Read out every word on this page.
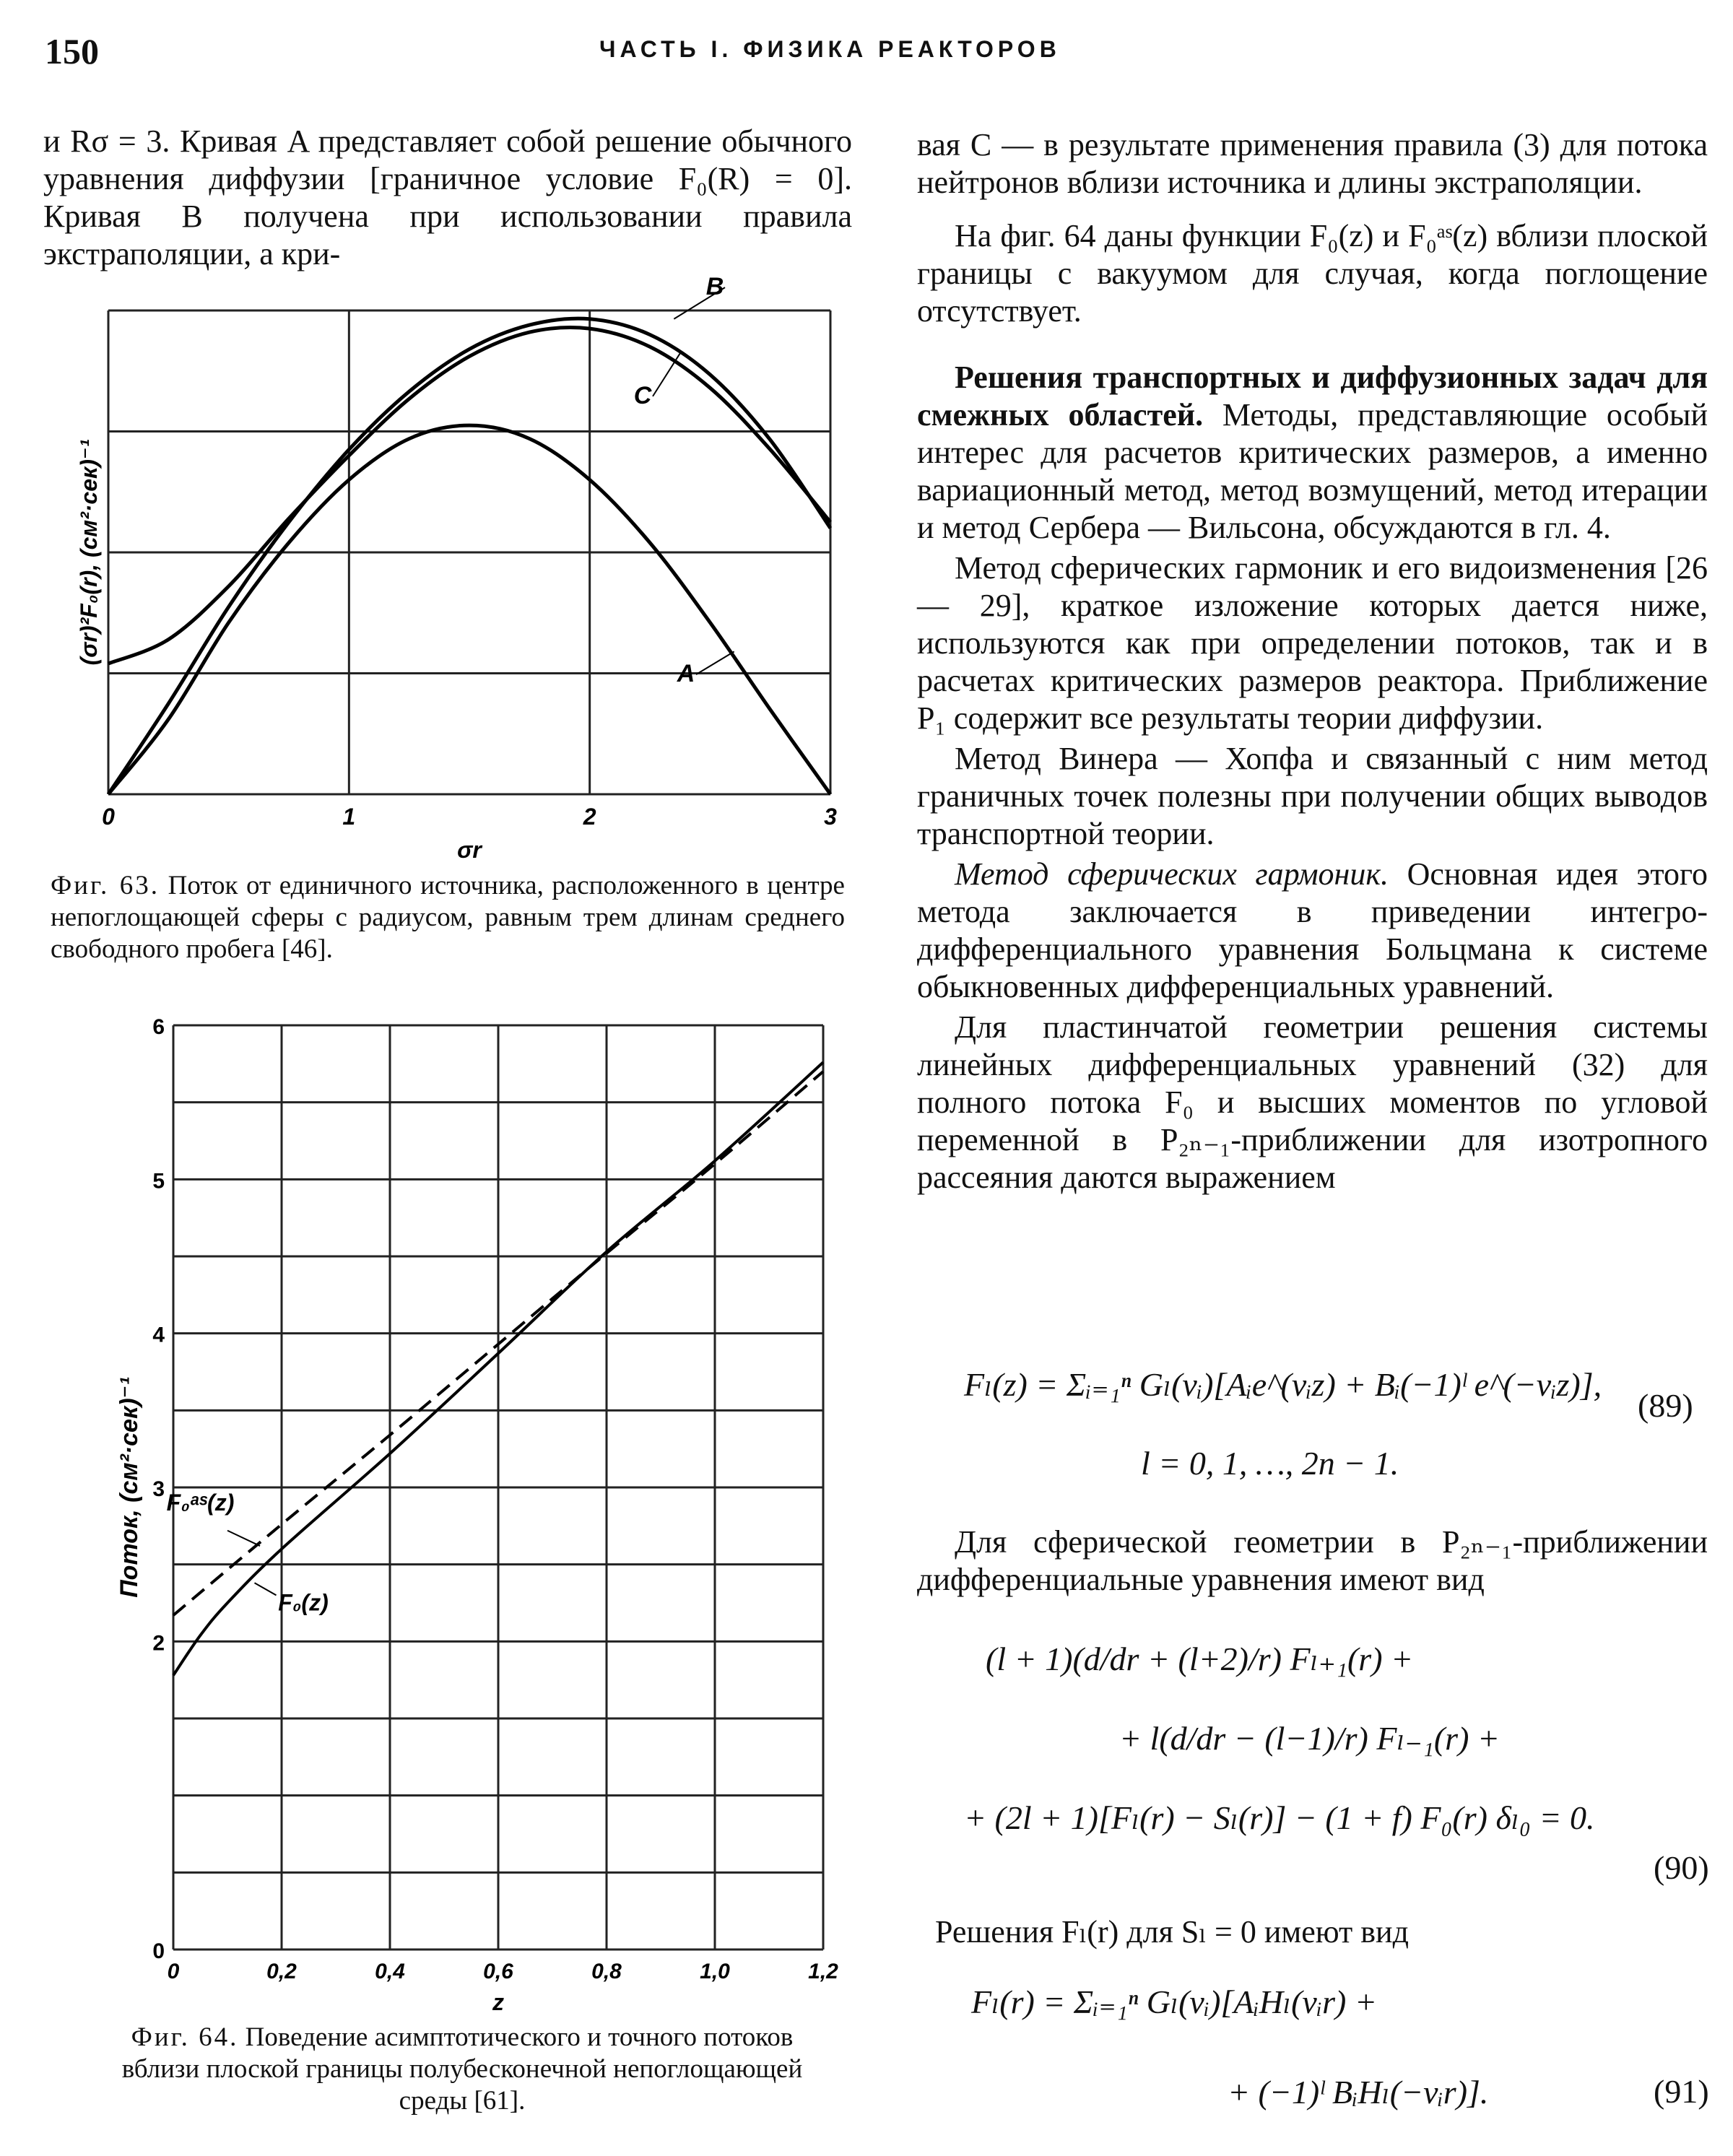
150	ЧАСТЬ I. ФИЗИКА РЕАКТОРОВ

и Rσ = 3. Кривая A представляет собой решение обычного уравнения диффузии [граничное условие F₀(R) = 0]. Кривая B получена при использовании правила экстраполяции, а кри-

0	1	2	3
σr
(σr)²F₀(r), (см²·сек)⁻¹
B
C
A
Фиг. 63. Поток от единичного источника, расположенного в центре непоглощающей сферы с радиусом, равным трем длинам среднего свободного пробега [46].
0	0,2	0,4	0,6	0,8	1,0	1,2
0
2
3
4
5
6
z
Поток, (см²·сек)⁻¹ F₀ᵃˢ(z)
F₀(z)
Фиг. 64. Поведение асимптотического и точного потоков вблизи плоской границы полубесконечной непоглощающей среды [61].

вая C — в результате применения правила (3) для потока нейтронов вблизи источника и длины экстраполяции.

На фиг. 64 даны функции F₀(z) и F₀ᵃˢ(z) вблизи плоской границы с вакуумом для случая, когда поглощение отсутствует.

Решения транспортных и диффузионных задач для смежных областей. Методы, представляющие особый интерес для расчетов критических размеров, а именно вариационный метод, метод возмущений, метод итерации и метод Сербера — Вильсона, обсуждаются в гл. 4.

Метод сферических гармоник и его видоизменения [26 — 29], краткое изложение которых дается ниже, используются как при определении потоков, так и в расчетах критических размеров реактора. Приближение P₁ содержит все результаты теории диффузии.

Метод Винера — Хопфа и связанный с ним метод граничных точек полезны при получении общих выводов транспортной теории.

Метод сферических гармоник. Основная идея этого метода заключается в приведении интегро-дифференциального уравнения Больцмана к системе обыкновенных дифференциальных уравнений.

Для пластинчатой геометрии решения системы линейных дифференциальных уравнений (32) для полного потока F₀ и высших моментов по угловой переменной в P₂ₙ₋₁-приближении для изотропного рассеяния даются выражением

Fₗ(z) = Σᵢ₌₁ⁿ Gₗ(νᵢ)[Aᵢe^(νᵢz) + Bᵢ(−1)ˡ e^(−νᵢz)],
l = 0, 1, …, 2n − 1.
(89)

Для сферической геометрии в P₂ₙ₋₁-приближении дифференциальные уравнения имеют вид

(l + 1)(d/dr + (l+2)/r) Fₗ₊₁(r) +
+ l(d/dr − (l−1)/r) Fₗ₋₁(r) +
+ (2l + 1)[Fₗ(r) − Sₗ(r)] − (1 + f) F₀(r) δₗ₀ = 0.
(90)

Решения Fₗ(r) для Sₗ = 0 имеют вид

Fₗ(r) = Σᵢ₌₁ⁿ Gₗ(νᵢ)[AᵢHₗ(νᵢr) +
+ (−1)ˡ BᵢHₗ(−νᵢr)].	(91)
